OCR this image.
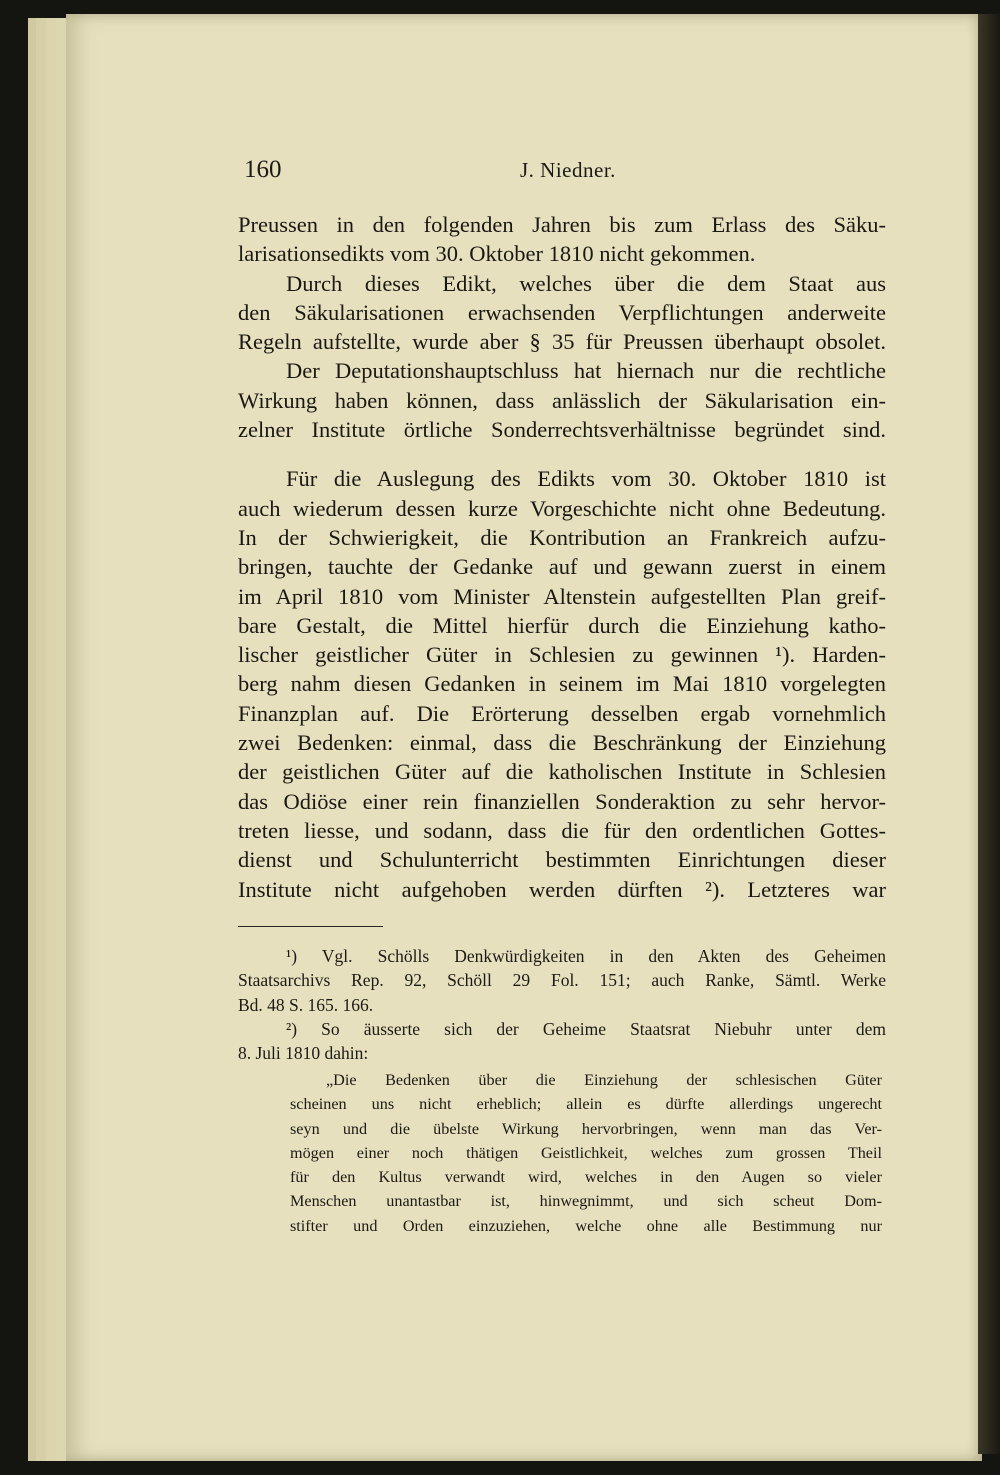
160	J. Niedner.
Preussen in den folgenden Jahren bis zum Erlass des Säku-
larisationsedikts vom 30. Oktober 1810 nicht gekommen.
Durch dieses Edikt, welches über die dem Staat aus
den Säkularisationen erwachsenden Verpflichtungen anderweite
Regeln aufstellte, wurde aber § 35 für Preussen überhaupt obsolet.
Der Deputationshauptschluss hat hiernach nur die rechtliche
Wirkung haben können, dass anlässlich der Säkularisation ein-
zelner Institute örtliche Sonderrechtsverhältnisse begründet sind.
Für die Auslegung des Edikts vom 30. Oktober 1810 ist
auch wiederum dessen kurze Vorgeschichte nicht ohne Bedeutung.
In der Schwierigkeit, die Kontribution an Frankreich aufzu-
bringen, tauchte der Gedanke auf und gewann zuerst in einem
im April 1810 vom Minister Altenstein aufgestellten Plan greif-
bare Gestalt, die Mittel hierfür durch die Einziehung katho-
lischer geistlicher Güter in Schlesien zu gewinnen ¹). Harden-
berg nahm diesen Gedanken in seinem im Mai 1810 vorgelegten
Finanzplan auf. Die Erörterung desselben ergab vornehmlich
zwei Bedenken: einmal, dass die Beschränkung der Einziehung
der geistlichen Güter auf die katholischen Institute in Schlesien
das Odiöse einer rein finanziellen Sonderaktion zu sehr hervor-
treten liesse, und sodann, dass die für den ordentlichen Gottes-
dienst und Schulunterricht bestimmten Einrichtungen dieser
Institute nicht aufgehoben werden dürften ²). Letzteres war
¹) Vgl. Schölls Denkwürdigkeiten in den Akten des Geheimen
Staatsarchivs Rep. 92, Schöll 29 Fol. 151; auch Ranke, Sämtl. Werke
Bd. 48 S. 165. 166.
²) So äusserte sich der Geheime Staatsrat Niebuhr unter dem
8. Juli 1810 dahin:
„Die Bedenken über die Einziehung der schlesischen Güter
scheinen uns nicht erheblich; allein es dürfte allerdings ungerecht
seyn und die übelste Wirkung hervorbringen, wenn man das Ver-
mögen einer noch thätigen Geistlichkeit, welches zum grossen Theil
für den Kultus verwandt wird, welches in den Augen so vieler
Menschen unantastbar ist, hinwegnimmt, und sich scheut Dom-
stifter und Orden einzuziehen, welche ohne alle Bestimmung nur
